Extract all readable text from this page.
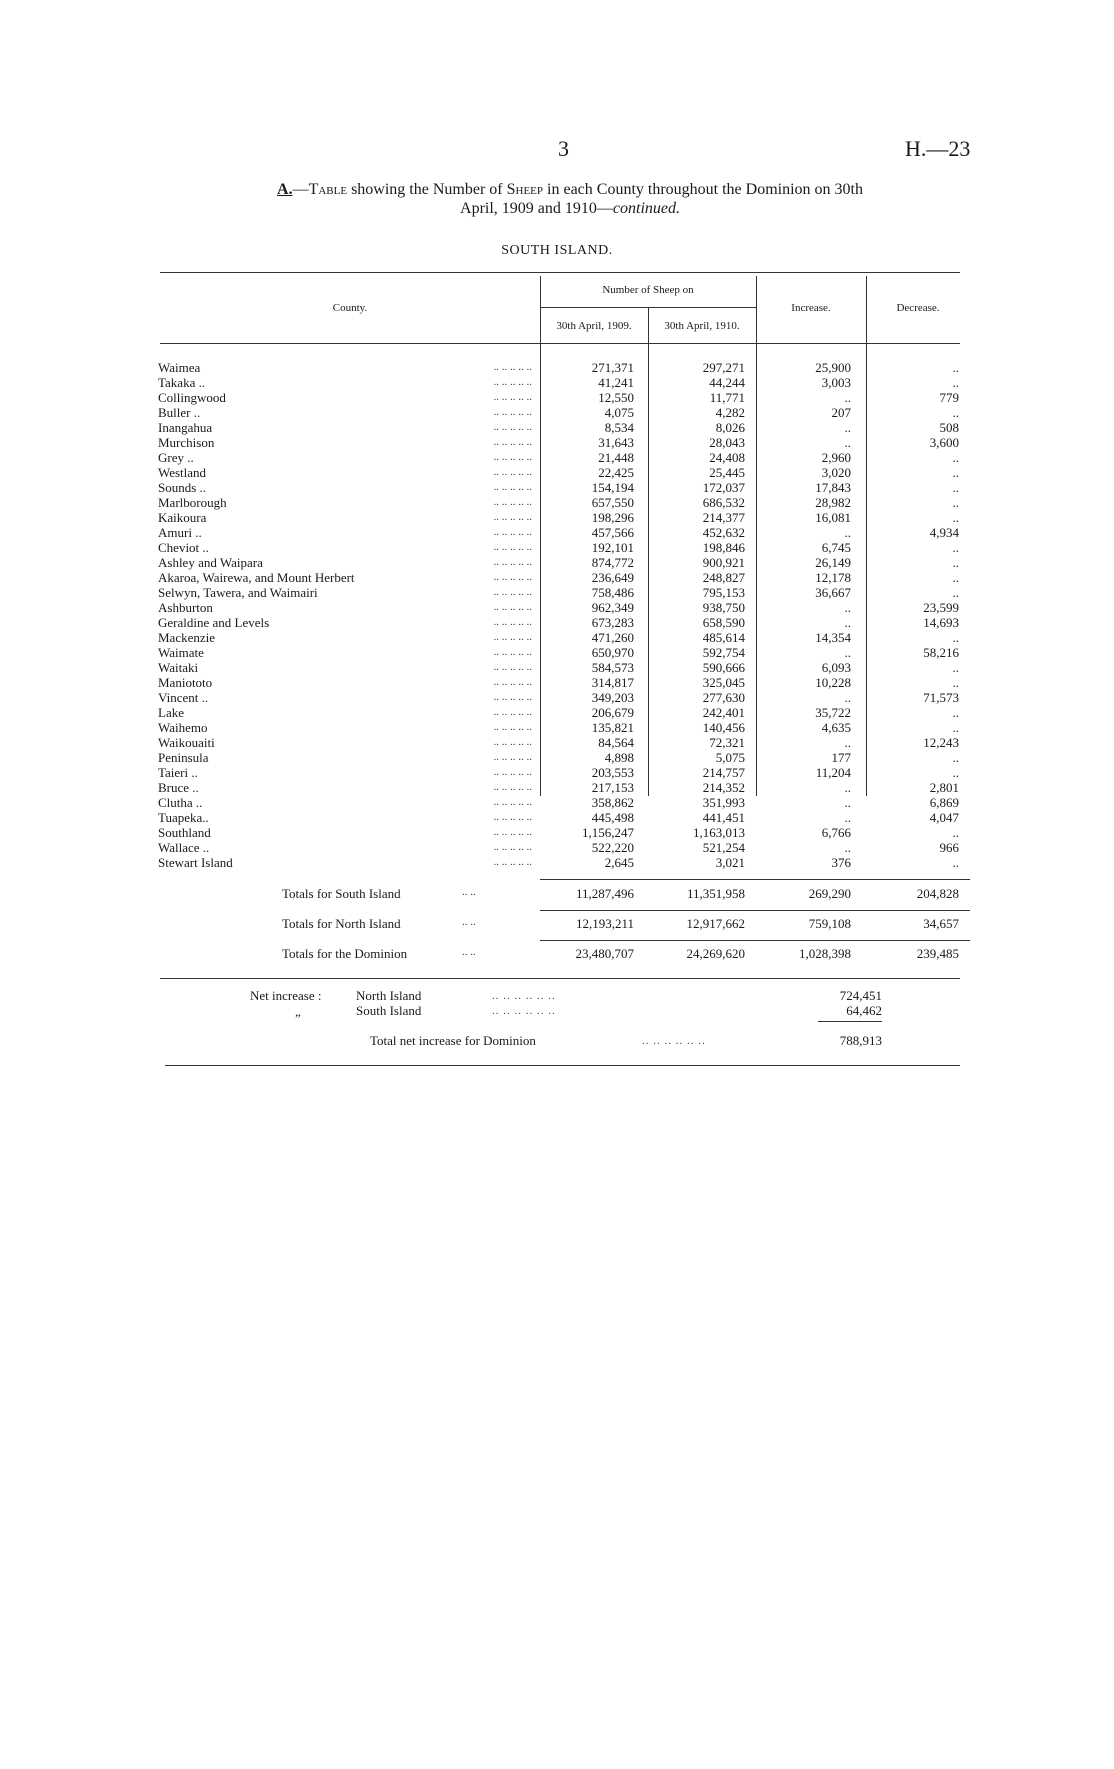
3	H.—23
A.—Table showing the Number of Sheep in each County throughout the Dominion on 30th
April, 1909 and 1910—continued.
SOUTH ISLAND.
County.
Number of Sheep on
30th April, 1909.	30th April, 1910.
Increase.	Decrease.
Waimea	.. .. .. .. ..	271,371	297,271	25,900	..
Takaka ..	.. .. .. .. ..	41,241	44,244	3,003	..
Collingwood	.. .. .. .. ..	12,550	11,771	..	779
Buller ..	.. .. .. .. ..	4,075	4,282	207	..
Inangahua	.. .. .. .. ..	8,534	8,026	..	508
Murchison	.. .. .. .. ..	31,643	28,043	..	3,600
Grey ..	.. .. .. .. ..	21,448	24,408	2,960	..
Westland	.. .. .. .. ..	22,425	25,445	3,020	..
Sounds ..	.. .. .. .. ..	154,194	172,037	17,843	..
Marlborough	.. .. .. .. ..	657,550	686,532	28,982	..
Kaikoura	.. .. .. .. ..	198,296	214,377	16,081	..
Amuri ..	.. .. .. .. ..	457,566	452,632	..	4,934
Cheviot ..	.. .. .. .. ..	192,101	198,846	6,745	..
Ashley and Waipara	.. .. .. .. ..	874,772	900,921	26,149	..
Akaroa, Wairewa, and Mount Herbert	.. .. .. .. ..	236,649	248,827	12,178	..
Selwyn, Tawera, and Waimairi	.. .. .. .. ..	758,486	795,153	36,667	..
Ashburton	.. .. .. .. ..	962,349	938,750	..	23,599
Geraldine and Levels	.. .. .. .. ..	673,283	658,590	..	14,693
Mackenzie	.. .. .. .. ..	471,260	485,614	14,354	..
Waimate	.. .. .. .. ..	650,970	592,754	..	58,216
Waitaki	.. .. .. .. ..	584,573	590,666	6,093	..
Maniototo	.. .. .. .. ..	314,817	325,045	10,228	..
Vincent ..	.. .. .. .. ..	349,203	277,630	..	71,573
Lake	.. .. .. .. ..	206,679	242,401	35,722	..
Waihemo	.. .. .. .. ..	135,821	140,456	4,635	..
Waikouaiti	.. .. .. .. ..	84,564	72,321	..	12,243
Peninsula	.. .. .. .. ..	4,898	5,075	177	..
Taieri ..	.. .. .. .. ..	203,553	214,757	11,204	..
Bruce ..	.. .. .. .. ..	217,153	214,352	..	2,801
Clutha ..	.. .. .. .. ..	358,862	351,993	..	6,869
Tuapeka..	.. .. .. .. ..	445,498	441,451	..	4,047
Southland	.. .. .. .. ..	1,156,247	1,163,013	6,766	..
Wallace ..	.. .. .. .. ..	522,220	521,254	..	966
Stewart Island	.. .. .. .. ..	2,645	3,021	376	..
Totals for South Island	.. ..	11,287,496	11,351,958	269,290	204,828
Totals for North Island	.. ..	12,193,211	12,917,662	759,108	34,657
Totals for the Dominion	.. ..	23,480,707	24,269,620	1,028,398	239,485
Net increase :	North Island	.. .. .. .. .. ..	724,451
„	South Island	.. .. .. .. .. ..	64,462
Total net increase for Dominion	.. .. .. .. .. ..	788,913
